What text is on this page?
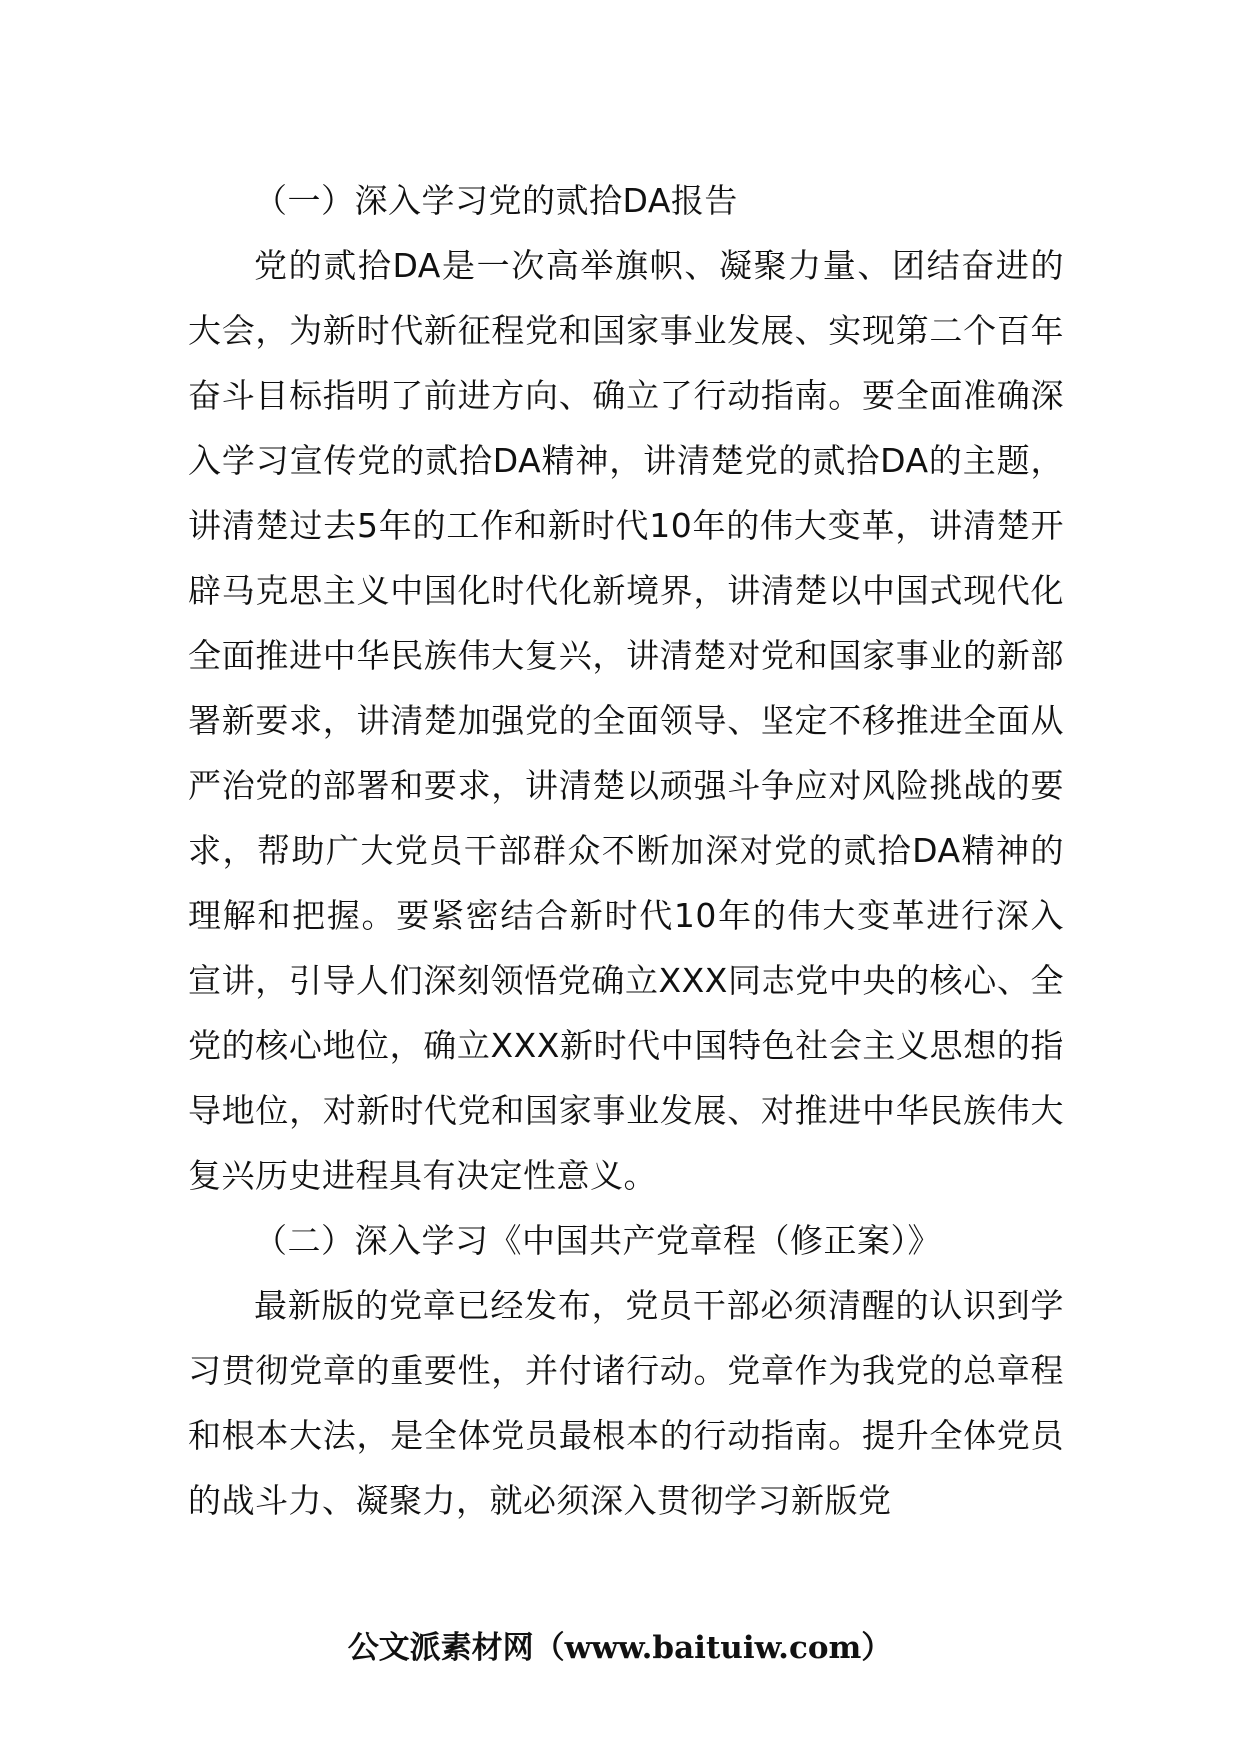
（一）深入学习党的贰拾DA报告

党的贰拾DA是一次高举旗帜、凝聚力量、团结奋进的大会，为新时代新征程党和国家事业发展、实现第二个百年奋斗目标指明了前进方向、确立了行动指南。要全面准确深入学习宣传党的贰拾DA精神，讲清楚党的贰拾DA的主题，讲清楚过去5年的工作和新时代10年的伟大变革，讲清楚开辟马克思主义中国化时代化新境界，讲清楚以中国式现代化全面推进中华民族伟大复兴，讲清楚对党和国家事业的新部署新要求，讲清楚加强党的全面领导、坚定不移推进全面从严治党的部署和要求，讲清楚以顽强斗争应对风险挑战的要求，帮助广大党员干部群众不断加深对党的贰拾DA精神的理解和把握。要紧密结合新时代10年的伟大变革进行深入宣讲，引导人们深刻领悟党确立XXX同志党中央的核心、全党的核心地位，确立XXX新时代中国特色社会主义思想的指导地位，对新时代党和国家事业发展、对推进中华民族伟大复兴历史进程具有决定性意义。

（二）深入学习《中国共产党章程（修正案）》

最新版的党章已经发布，党员干部必须清醒的认识到学习贯彻党章的重要性，并付诸行动。党章作为我党的总章程和根本大法，是全体党员最根本的行动指南。提升全体党员的战斗力、凝聚力，就必须深入贯彻学习新版党

公文派素材网（www.baituiw.com）
